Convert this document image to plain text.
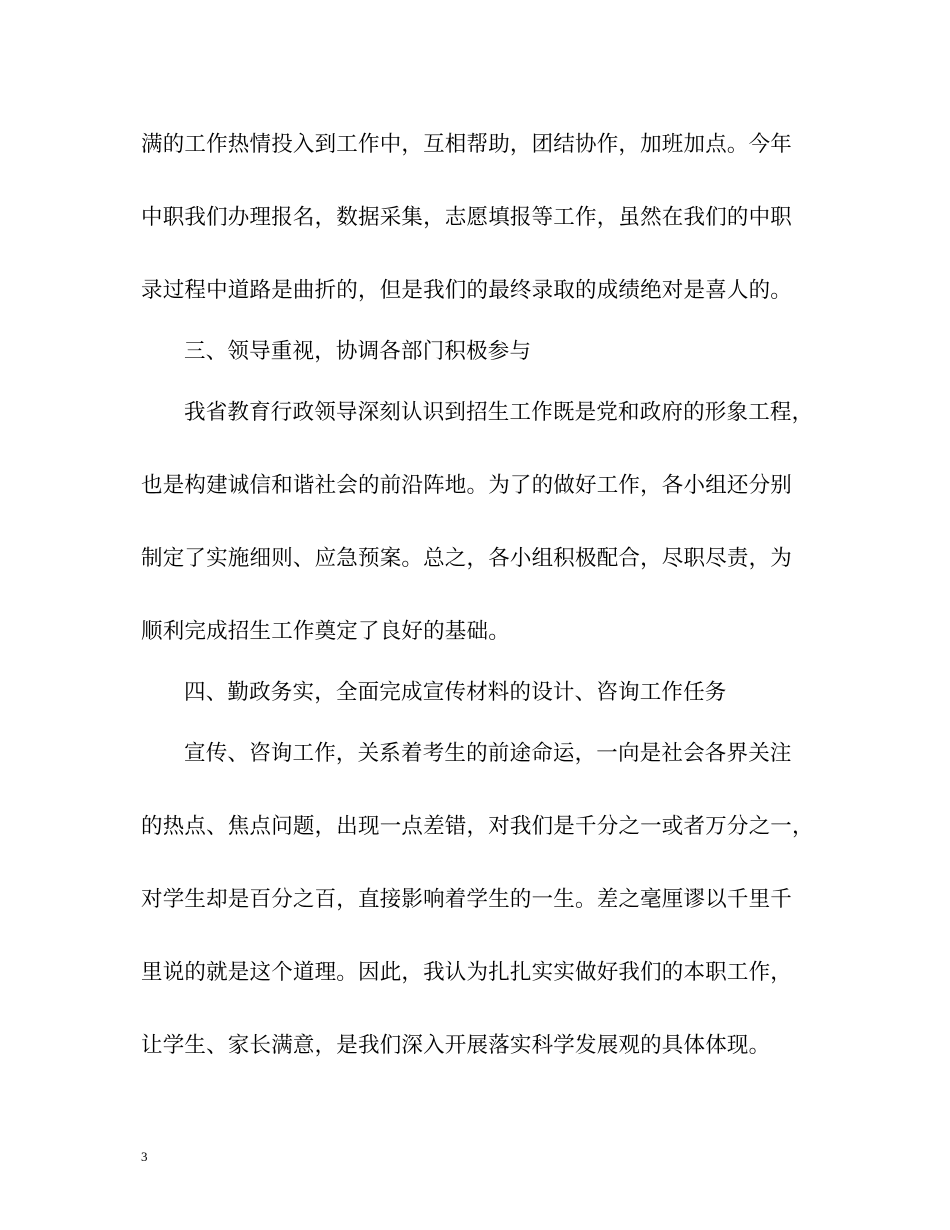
满的工作热情投入到工作中，互相帮助，团结协作，加班加点。今年
中职我们办理报名，数据采集，志愿填报等工作，虽然在我们的中职
录过程中道路是曲折的，但是我们的最终录取的成绩绝对是喜人的。
三、领导重视，协调各部门积极参与
我省教育行政领导深刻认识到招生工作既是党和政府的形象工程，
也是构建诚信和谐社会的前沿阵地。为了的做好工作，各小组还分别
制定了实施细则、应急预案。总之，各小组积极配合，尽职尽责，为
顺利完成招生工作奠定了良好的基础。
四、勤政务实，全面完成宣传材料的设计、咨询工作任务
宣传、咨询工作，关系着考生的前途命运，一向是社会各界关注
的热点、焦点问题，出现一点差错，对我们是千分之一或者万分之一，
对学生却是百分之百，直接影响着学生的一生。差之毫厘谬以千里千
里说的就是这个道理。因此，我认为扎扎实实做好我们的本职工作，
让学生、家长满意，是我们深入开展落实科学发展观的具体体现。
3
